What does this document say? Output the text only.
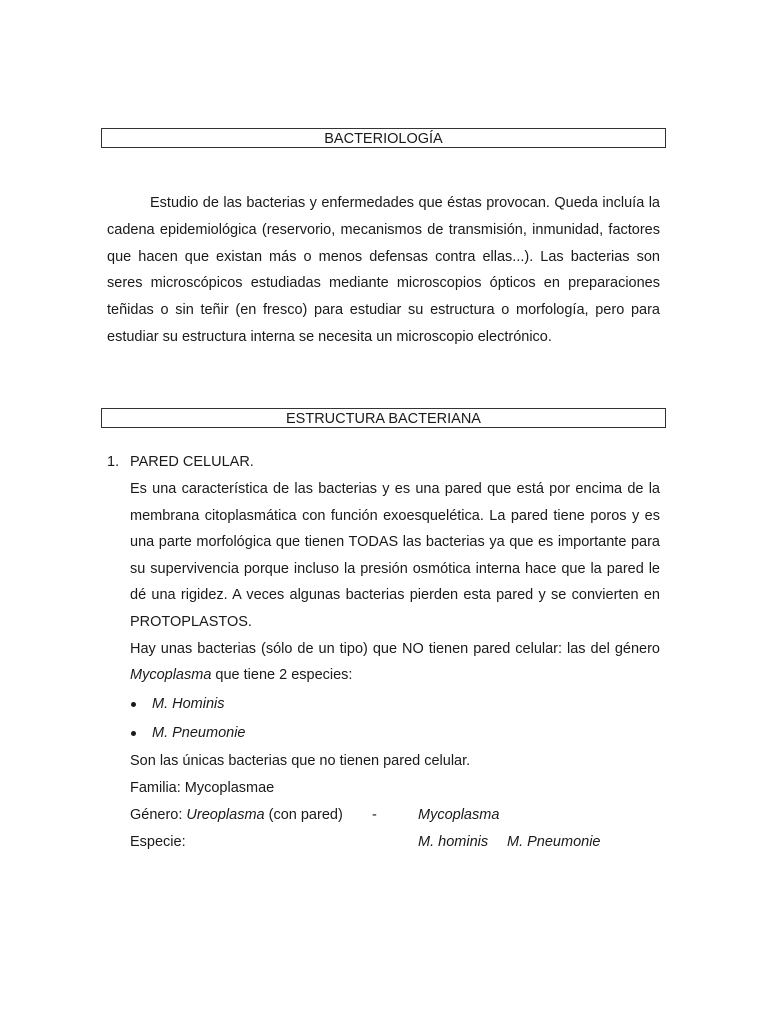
BACTERIOLOGÍA

Estudio de las bacterias y enfermedades que éstas provocan. Queda incluía la cadena epidemiológica (reservorio, mecanismos de transmisión, inmunidad, factores que hacen que existan más o menos defensas contra ellas...). Las bacterias son seres microscópicos estudiadas mediante microscopios ópticos en preparaciones teñidas o sin teñir (en fresco) para estudiar su estructura o morfología, pero para estudiar su estructura interna se necesita un microscopio electrónico.

ESTRUCTURA BACTERIANA
1. PARED CELULAR.

Es una característica de las bacterias y es una pared que está por encima de la membrana citoplasmática con función exoesquelética. La pared tiene poros y es una parte morfológica que tienen TODAS las bacterias ya que es importante para su supervivencia porque incluso la presión osmótica interna hace que la pared le dé una rigidez. A veces algunas bacterias pierden esta pared y se convierten en PROTOPLASTOS.

Hay unas bacterias (sólo de un tipo) que NO tienen pared celular: las del género Mycoplasma que tiene 2 especies:

M. Hominis
M. Pneumonie
Son las únicas bacterias que no tienen pared celular.
Familia: Mycoplasmae
Género: Ureoplasma (con pared) -	Mycoplasma
Especie:	M. hominis M. Pneumonie
